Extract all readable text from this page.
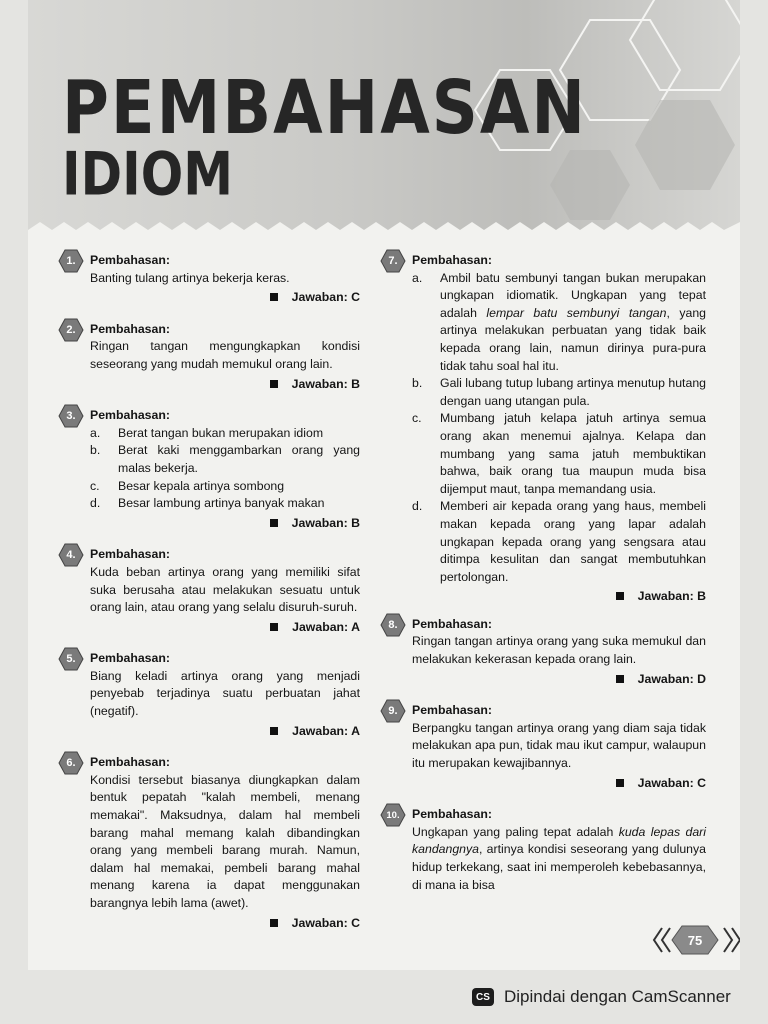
PEMBAHASAN
IDIOM
1.	Pembahasan:
Banting tulang artinya bekerja keras.
Jawaban: C
2.	Pembahasan:
Ringan tangan mengungkapkan kondisi seseorang yang mudah memukul orang lain.
Jawaban: B
3.	Pembahasan:
a. Berat tangan bukan merupakan idiom
b. Berat kaki menggambarkan orang yang malas bekerja.
c. Besar kepala artinya sombong
d. Besar lambung artinya banyak makan
Jawaban: B
4.	Pembahasan:
Kuda beban artinya orang yang memiliki sifat suka berusaha atau melakukan sesuatu untuk orang lain, atau orang yang selalu disuruh-suruh.
Jawaban: A
5.	Pembahasan:
Biang keladi artinya orang yang menjadi penyebab terjadinya suatu perbuatan jahat (negatif).
Jawaban: A
6.	Pembahasan:
Kondisi tersebut biasanya diungkapkan dalam bentuk pepatah "kalah membeli, menang memakai". Maksudnya, dalam hal membeli barang mahal memang kalah dibandingkan orang yang membeli barang murah. Namun, dalam hal memakai, pembeli barang mahal menang karena ia dapat menggunakan barangnya lebih lama (awet).
Jawaban: C
7.	Pembahasan:
a. Ambil batu sembunyi tangan bukan merupakan ungkapan idiomatik. Ungkapan yang tepat adalah lempar batu sembunyi tangan, yang artinya melakukan perbuatan yang tidak baik kepada orang lain, namun dirinya pura-pura tidak tahu soal hal itu.
b. Gali lubang tutup lubang artinya menutup hutang dengan uang utangan pula.
c. Mumbang jatuh kelapa jatuh artinya semua orang akan menemui ajalnya. Kelapa dan mumbang yang sama jatuh membuktikan bahwa, baik orang tua maupun muda bisa dijemput maut, tanpa memandang usia.
d. Memberi air kepada orang yang haus, membeli makan kepada orang yang lapar adalah ungkapan kepada orang yang sengsara atau ditimpa kesulitan dan sangat membutuhkan pertolongan.
Jawaban: B
8.	Pembahasan:
Ringan tangan artinya orang yang suka memukul dan melakukan kekerasan kepada orang lain.
Jawaban: D
9.	Pembahasan:
Berpangku tangan artinya orang yang diam saja tidak melakukan apa pun, tidak mau ikut campur, walaupun itu merupakan kewajibannya.
Jawaban: C
10.	Pembahasan:
Ungkapan yang paling tepat adalah kuda lepas dari kandangnya, artinya kondisi seseorang yang dulunya hidup terkekang, saat ini memperoleh kebebasannya, di mana ia bisa
75
CS Dipindai dengan CamScanner
